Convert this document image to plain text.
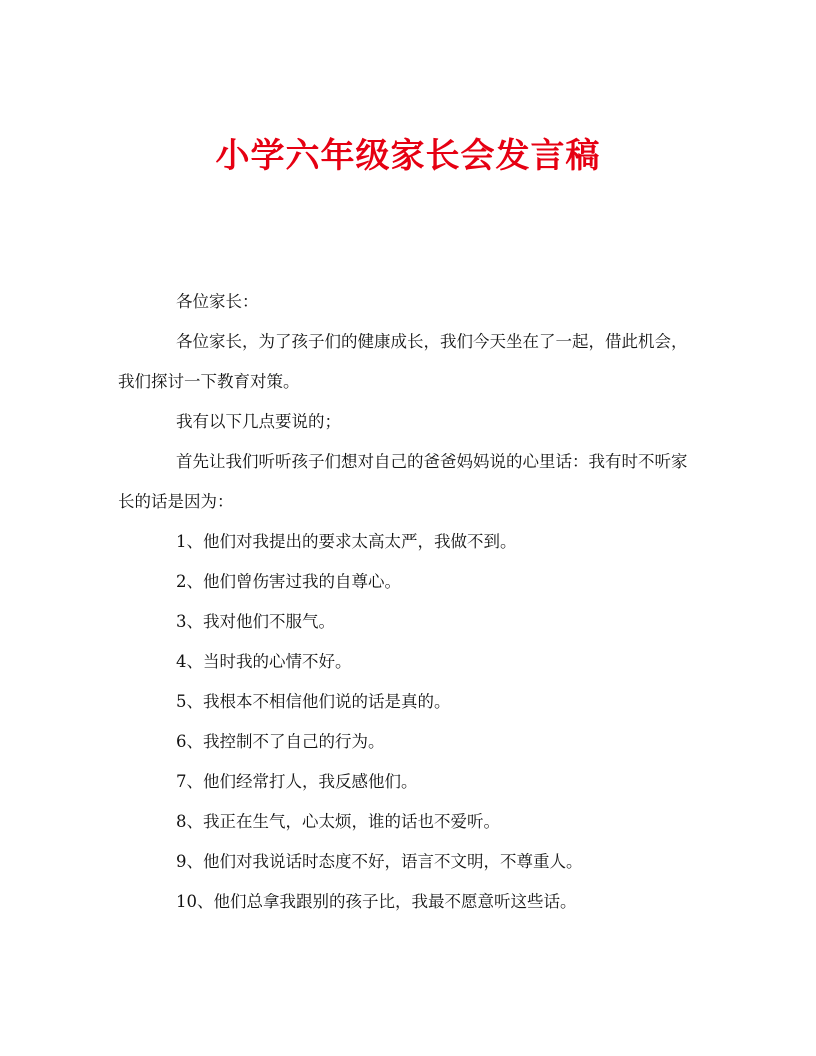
小学六年级家长会发言稿

各位家长：

各位家长，为了孩子们的健康成长，我们今天坐在了一起，借此机会，我们探讨一下教育对策。

我有以下几点要说的；

首先让我们听听孩子们想对自己的爸爸妈妈说的心里话：我有时不听家长的话是因为：

1、他们对我提出的要求太高太严，我做不到。

2、他们曾伤害过我的自尊心。

3、我对他们不服气。

4、当时我的心情不好。

5、我根本不相信他们说的话是真的。

6、我控制不了自己的行为。

7、他们经常打人，我反感他们。

8、我正在生气，心太烦，谁的话也不爱听。

9、他们对我说话时态度不好，语言不文明，不尊重人。

10、他们总拿我跟别的孩子比，我最不愿意听这些话。
